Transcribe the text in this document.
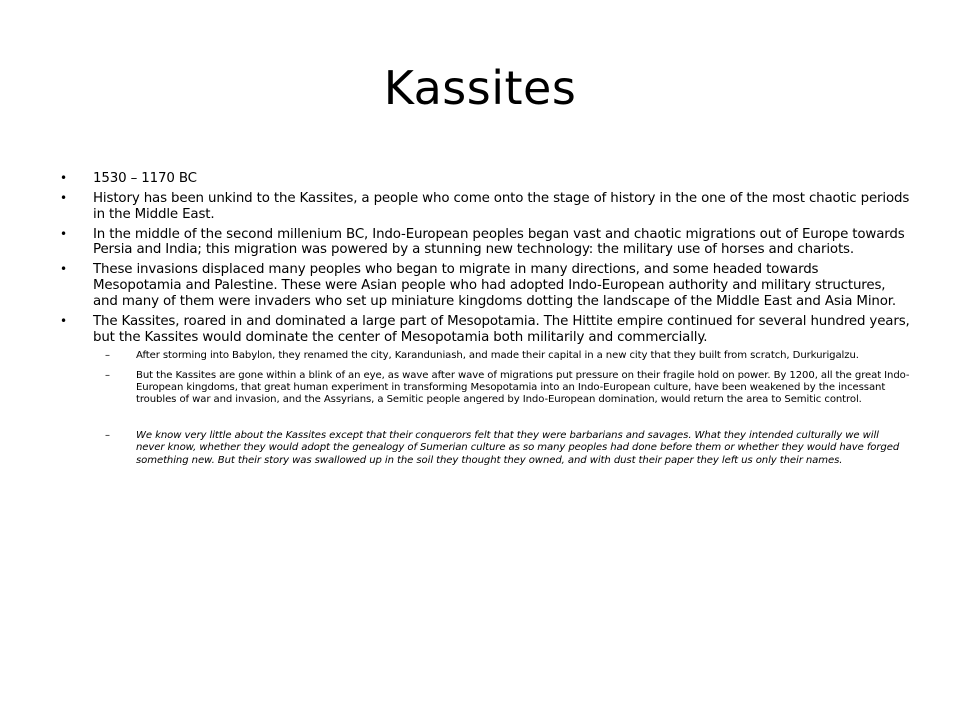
Kassites
•	1530 – 1170 BC
•	History has been unkind to the Kassites, a people who come onto the stage of history in the one of the most chaotic periods in the Middle East.
•	In the middle of the second millenium BC, Indo-European peoples began vast and chaotic migrations out of Europe towards Persia and India; this migration was powered by a stunning new technology: the military use of horses and chariots.
•	These invasions displaced many peoples who began to migrate in many directions, and some headed towards Mesopotamia and Palestine. These were Asian people who had adopted Indo-European authority and military structures, and many of them were invaders who set up miniature kingdoms dotting the landscape of the Middle East and Asia Minor.
•	The Kassites, roared in and dominated a large part of Mesopotamia. The Hittite empire continued for several hundred years, but the Kassites would dominate the center of Mesopotamia both militarily and commercially.
–	After storming into Babylon, they renamed the city, Karanduniash, and made their capital in a new city that they built from scratch, Durkurigalzu.
–	But the Kassites are gone within a blink of an eye, as wave after wave of migrations put pressure on their fragile hold on power. By 1200, all the great Indo-European kingdoms, that great human experiment in transforming Mesopotamia into an Indo-European culture, have been weakened by the incessant troubles of war and invasion, and the Assyrians, a Semitic people angered by Indo-European domination, would return the area to Semitic control.
–	We know very little about the Kassites except that their conquerors felt that they were barbarians and savages. What they intended culturally we will never know, whether they would adopt the genealogy of Sumerian culture as so many peoples had done before them or whether they would have forged something new. But their story was swallowed up in the soil they thought they owned, and with dust their paper they left us only their names.
